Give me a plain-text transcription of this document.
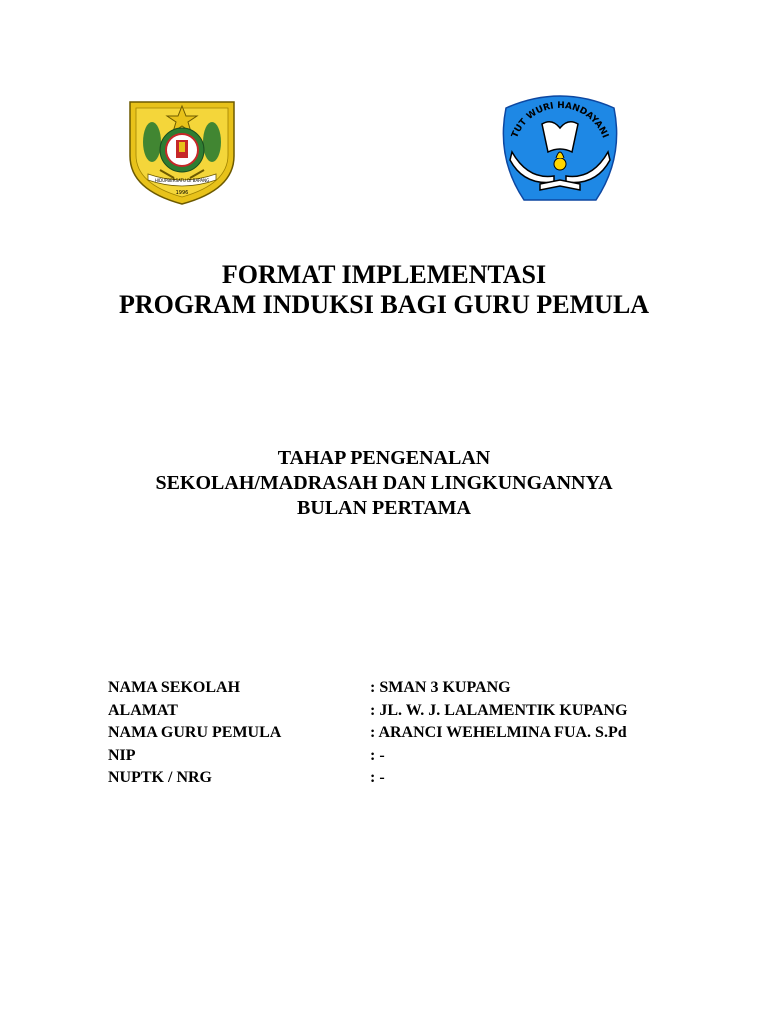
HIDUPBERSATU DI BAPANG
1996
TUT WURI HANDAYANI
FORMAT IMPLEMENTASI
PROGRAM INDUKSI BAGI GURU PEMULA
TAHAP PENGENALAN
SEKOLAH/MADRASAH DAN LINGKUNGANNYA
BULAN PERTAMA
NAMA SEKOLAH	: SMAN 3 KUPANG
ALAMAT	: JL. W. J. LALAMENTIK KUPANG
NAMA GURU PEMULA	: ARANCI WEHELMINA FUA. S.Pd
NIP	: -
NUPTK / NRG	: -
